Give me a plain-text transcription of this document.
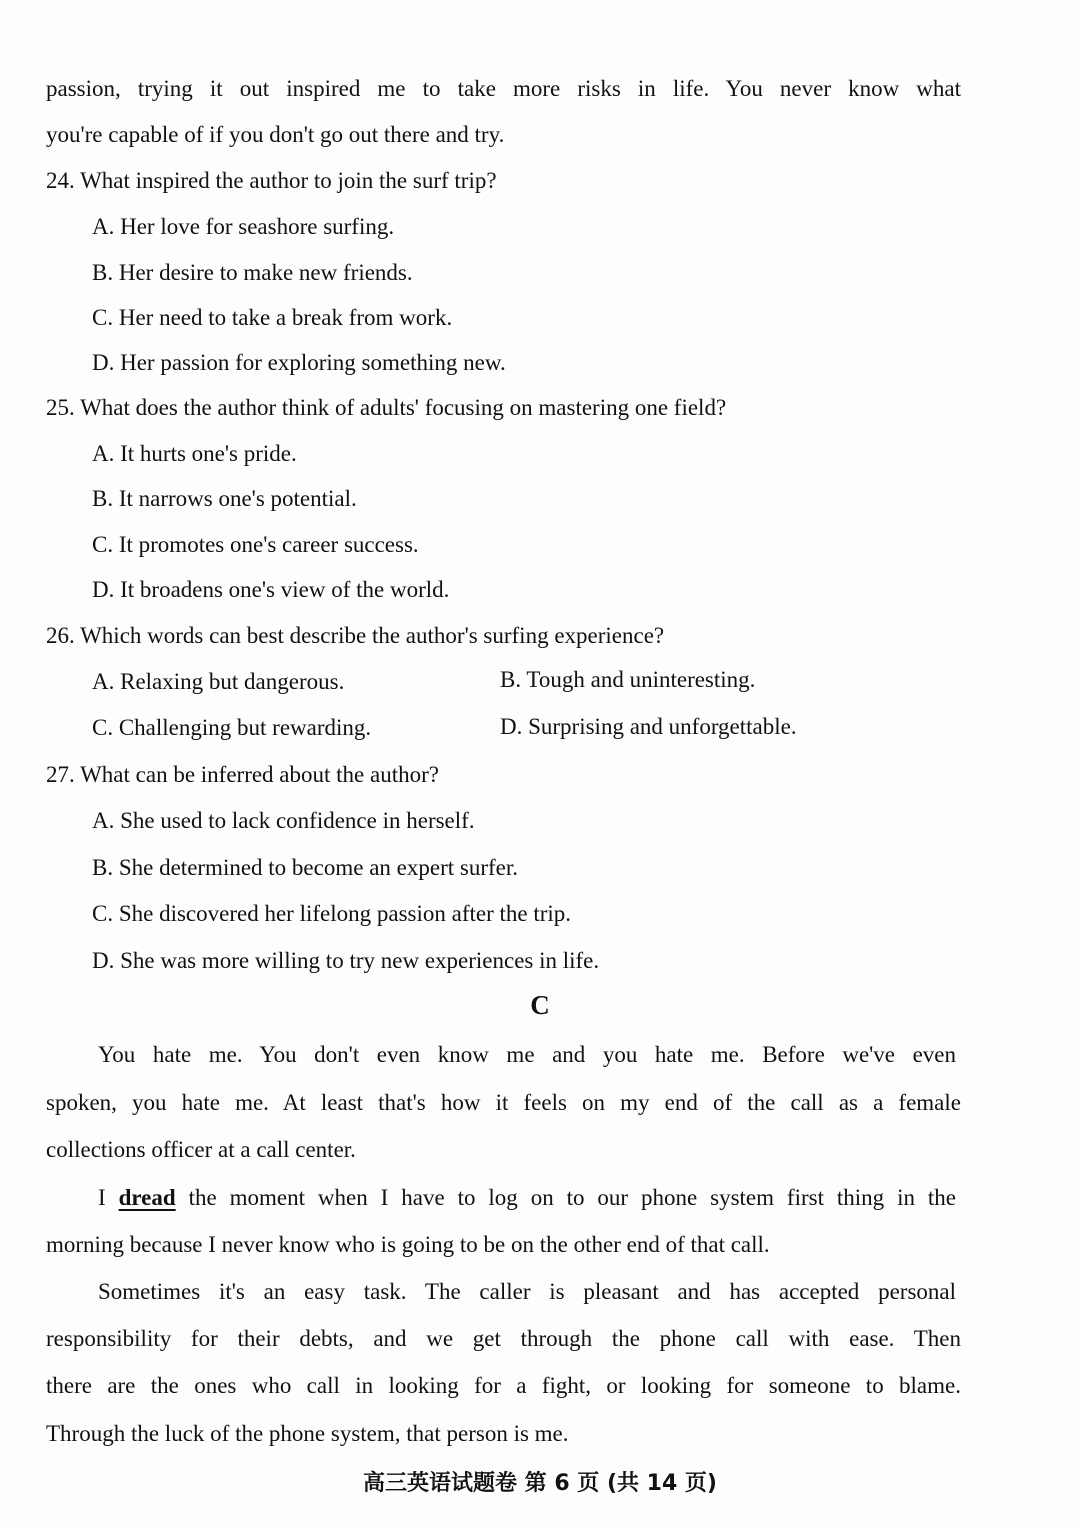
passion, trying it out inspired me to take more risks in life. You never know what
you're capable of if you don't go out there and try.
24. What inspired the author to join the surf trip?
A. Her love for seashore surfing.
B. Her desire to make new friends.
C. Her need to take a break from work.
D. Her passion for exploring something new.
25. What does the author think of adults' focusing on mastering one field?
A. It hurts one's pride.
B. It narrows one's potential.
C. It promotes one's career success.
D. It broadens one's view of the world.
26. Which words can best describe the author's surfing experience?
A. Relaxing but dangerous.	B. Tough and uninteresting.
C. Challenging but rewarding.	D. Surprising and unforgettable.
27. What can be inferred about the author?
A. She used to lack confidence in herself.
B. She determined to become an expert surfer.
C. She discovered her lifelong passion after the trip.
D. She was more willing to try new experiences in life.
C
You hate me. You don't even know me and you hate me. Before we've even
spoken, you hate me. At least that's how it feels on my end of the call as a female
collections officer at a call center.
I dread the moment when I have to log on to our phone system first thing in the
morning because I never know who is going to be on the other end of that call.
Sometimes it's an easy task. The caller is pleasant and has accepted personal
responsibility for their debts, and we get through the phone call with ease. Then
there are the ones who call in looking for a fight, or looking for someone to blame.
Through the luck of the phone system, that person is me.
高三英语试题卷 第 6 页 (共 14 页)
